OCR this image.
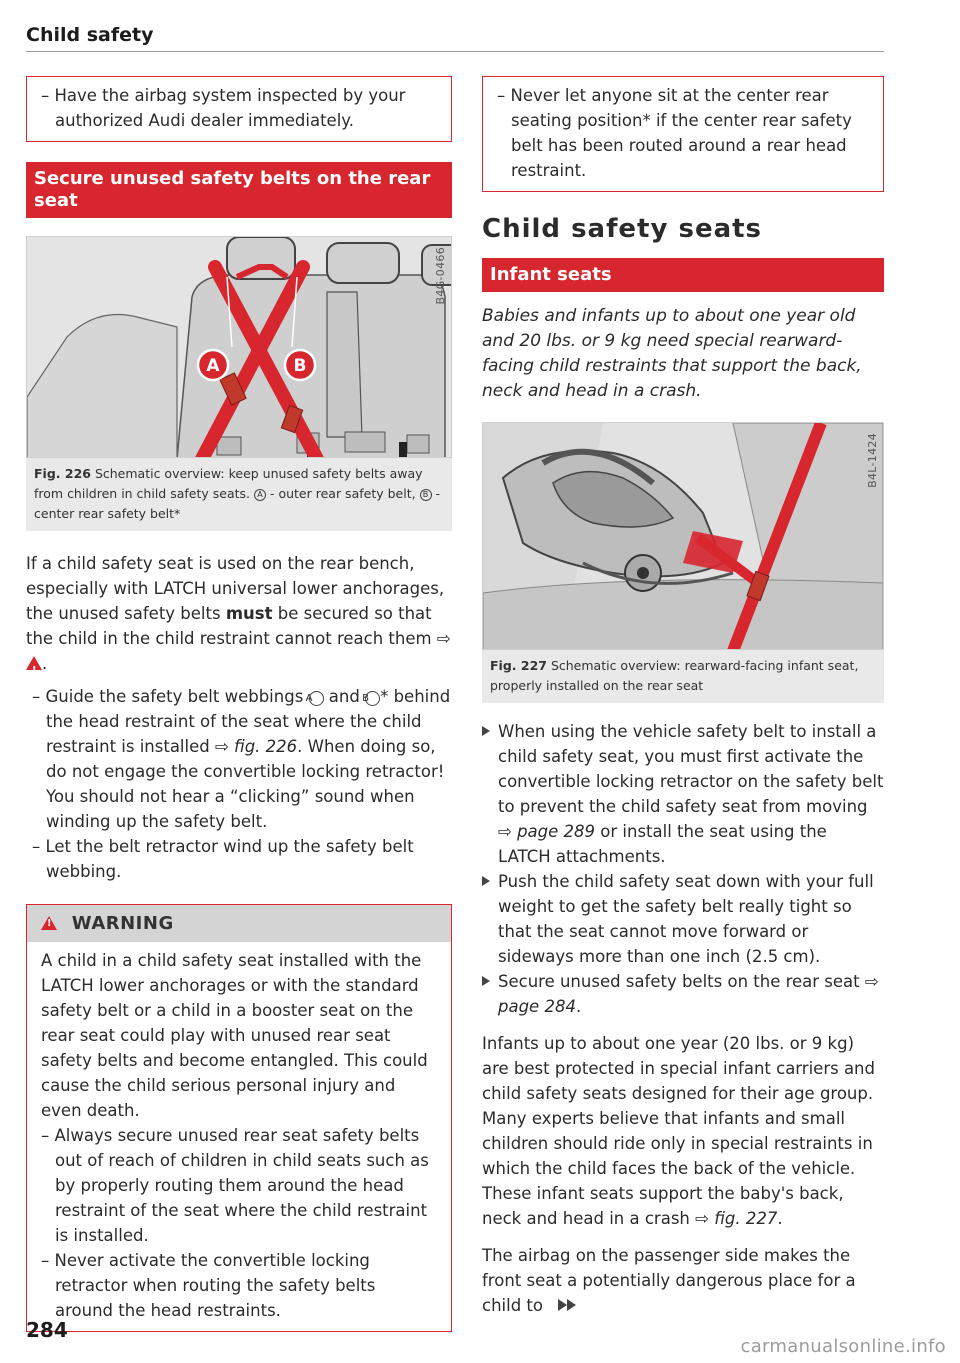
Child safety
– Have the airbag system inspected by your authorized Audi dealer immediately.
Secure unused safety belts on the rear seat
A	B
B4G-0466
Fig. 226 Schematic overview: keep unused safety belts away from children in child safety seats. A - outer rear safety belt, B - center rear safety belt*
If a child safety seat is used on the rear bench, especially with LATCH universal lower anchorages, the unused safety belts must be secured so that the child in the child restraint cannot reach them ⇨ !.
– Guide the safety belt webbings A and B * behind the head restraint of the seat where the child restraint is installed ⇨ fig. 226. When doing so, do not engage the convertible locking retractor! You should not hear a “clicking” sound when winding up the safety belt.
– Let the belt retractor wind up the safety belt webbing.
! WARNING
A child in a child safety seat installed with the LATCH lower anchorages or with the standard safety belt or a child in a booster seat on the rear seat could play with unused rear seat safety belts and become entangled. This could cause the child serious personal injury and even death.
– Always secure unused rear seat safety belts out of reach of children in child seats such as by properly routing them around the head restraint of the seat where the child restraint is installed.
– Never activate the convertible locking retractor when routing the safety belts around the head restraints.
– Never let anyone sit at the center rear seating position* if the center rear safety belt has been routed around a rear head restraint.
Child safety seats
Infant seats
Babies and infants up to about one year old and 20 lbs. or 9 kg need special rearward-facing child restraints that support the back, neck and head in a crash.
B4L-1424
Fig. 227 Schematic overview: rearward-facing infant seat, properly installed on the rear seat
When using the vehicle safety belt to install a child safety seat, you must first activate the convertible locking retractor on the safety belt to prevent the child safety seat from moving ⇨ page 289 or install the seat using the LATCH attachments.
Push the child safety seat down with your full weight to get the safety belt really tight so that the seat cannot move forward or sideways more than one inch (2.5 cm).
Secure unused safety belts on the rear seat ⇨ page 284.
Infants up to about one year (20 lbs. or 9 kg) are best protected in special infant carriers and child safety seats designed for their age group. Many experts believe that infants and small children should ride only in special restraints in which the child faces the back of the vehicle. These infant seats support the baby's back, neck and head in a crash ⇨ fig. 227.
The airbag on the passenger side makes the front seat a potentially dangerous place for a child to
284
carmanualsonline.info
